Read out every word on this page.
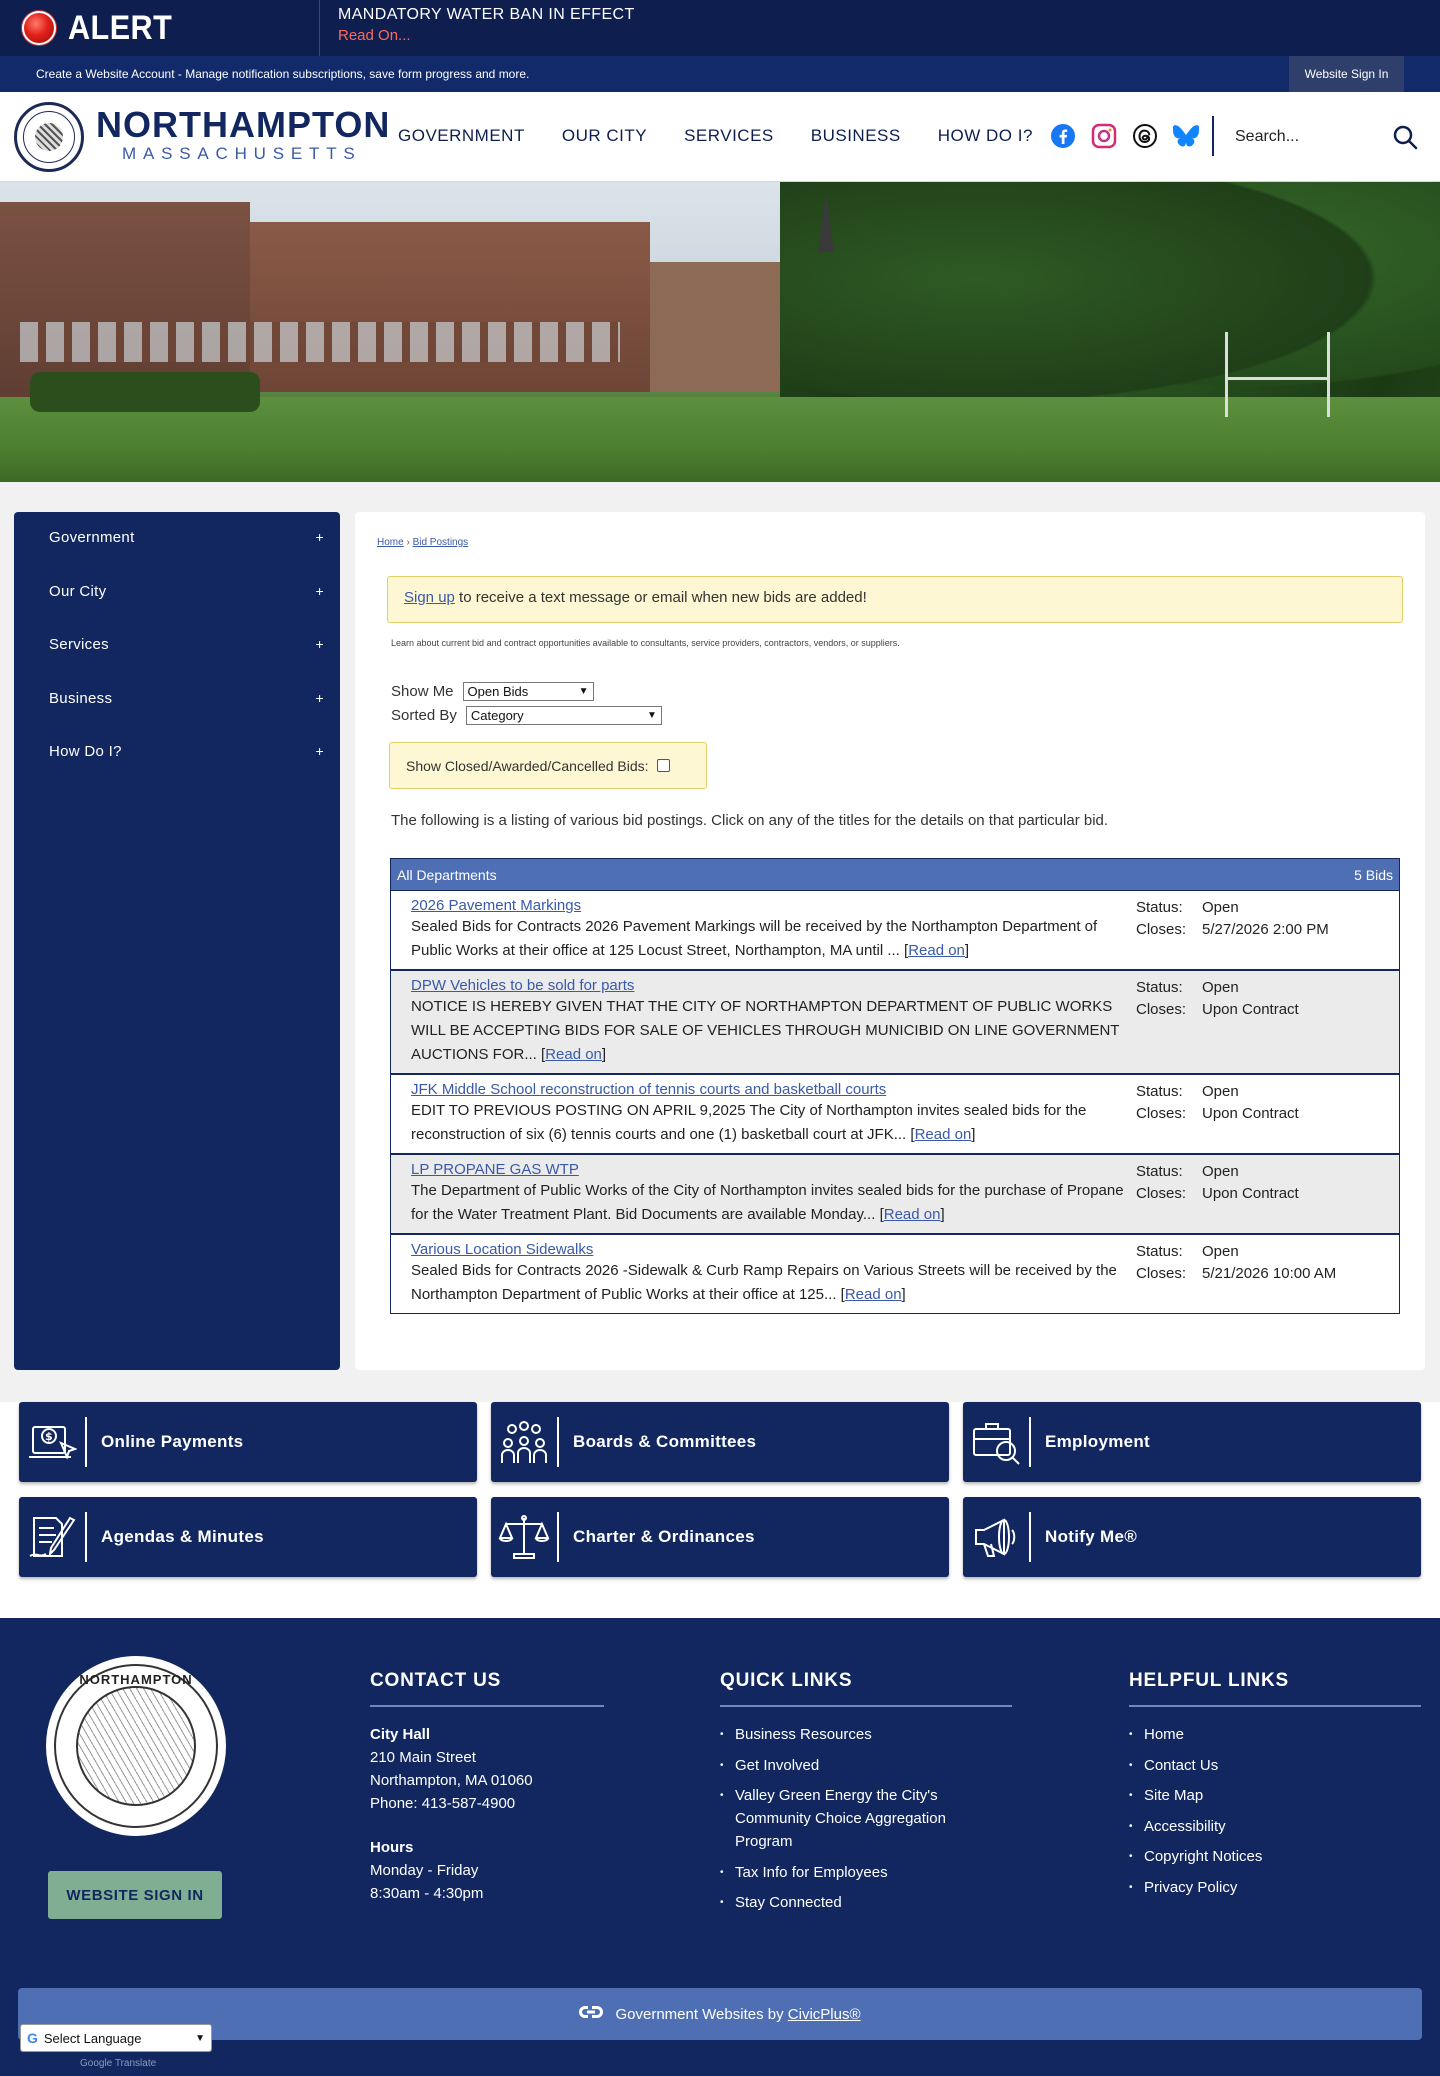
ALERT	MANDATORY WATER BAN IN EFFECT
Read On...
Create a Website Account - Manage notification subscriptions, save form progress and more.	Website Sign In
NORTHAMPTON
MASSACHUSETTS
GOVERNMENT OUR CITY SERVICES BUSINESS HOW DO I?	Search...
Government	+
Our City	+
Services	+
Business	+
How Do I?	+
Home › Bid Postings
Sign up to receive a text message or email when new bids are added!
Learn about current bid and contract opportunities available to consultants, service providers, contractors, vendors, or suppliers.
Show Me Open Bids	▼
Sorted By Category	▼
Show Closed/Awarded/Cancelled Bids:
The following is a listing of various bid postings. Click on any of the titles for the details on that particular bid.
All Departments	5 Bids
2026 Pavement Markings
Sealed Bids for Contracts 2026 Pavement Markings will be received by the Northampton Department of Public Works at their office at 125 Locust Street, Northampton, MA until ... [Read on]
Status: Open
Closes: 5/27/2026 2:00 PM
DPW Vehicles to be sold for parts
NOTICE IS HEREBY GIVEN THAT THE CITY OF NORTHAMPTON DEPARTMENT OF PUBLIC WORKS WILL BE ACCEPTING BIDS FOR SALE OF VEHICLES THROUGH MUNICIBID ON LINE GOVERNMENT AUCTIONS FOR... [Read on]
Status: Open
Closes: Upon Contract
JFK Middle School reconstruction of tennis courts and basketball courts
EDIT TO PREVIOUS POSTING ON APRIL 9,2025 The City of Northampton invites sealed bids for the reconstruction of six (6) tennis courts and one (1) basketball court at JFK... [Read on]
Status: Open
Closes: Upon Contract
LP PROPANE GAS WTP
The Department of Public Works of the City of Northampton invites sealed bids for the purchase of Propane for the Water Treatment Plant. Bid Documents are available Monday... [Read on]
Status: Open
Closes: Upon Contract
Various Location Sidewalks
Sealed Bids for Contracts 2026 -Sidewalk & Curb Ramp Repairs on Various Streets will be received by the Northampton Department of Public Works at their office at 125... [Read on]
Status: Open
Closes: 5/21/2026 10:00 AM
$	Online Payments	Boards & Committees	Employment
Agendas & Minutes	Charter & Ordinances	Notify Me®
NORTHAMPTON
WEBSITE SIGN IN
CONTACT US
City Hall
210 Main Street
Northampton, MA 01060
Phone: 413-587-4900
Hours
Monday - Friday
8:30am - 4:30pm
QUICK LINKS
• Business Resources
• Get Involved
• Valley Green Energy the City's Community Choice Aggregation Program
• Tax Info for Employees
• Stay Connected
HELPFUL LINKS
• Home
• Contact Us
• Site Map
• Accessibility
• Copyright Notices
• Privacy Policy
Government Websites by
CivicPlus®
G Select Language	▼
Google Translate
